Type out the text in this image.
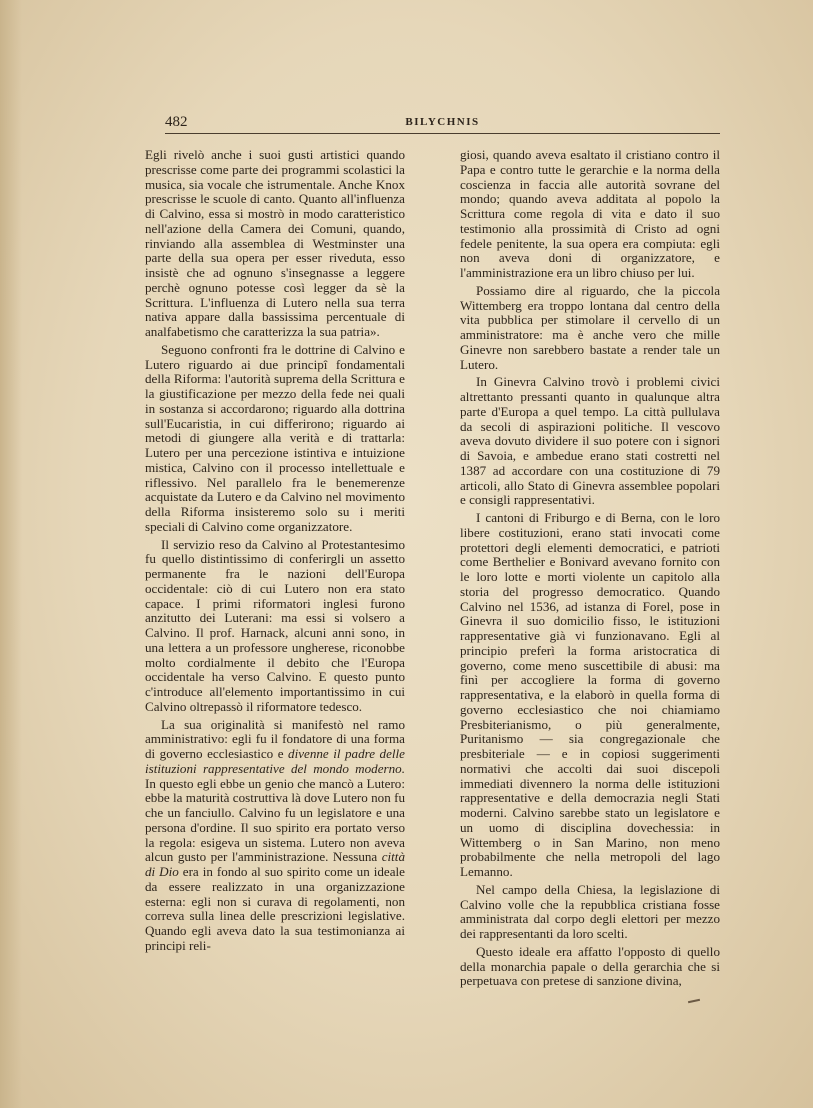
482	BILYCHNIS

Egli rivelò anche i suoi gusti artistici quando prescrisse come parte dei programmi scolastici la musica, sia vocale che istrumentale. Anche Knox prescrisse le scuole di canto. Quanto all'influenza di Calvino, essa si mostrò in modo caratteristico nell'azione della Camera dei Comuni, quando, rinviando alla assemblea di Westminster una parte della sua opera per esser riveduta, esso insistè che ad ognuno s'insegnasse a leggere perchè ognuno potesse così legger da sè la Scrittura. L'influenza di Lutero nella sua terra nativa appare dalla bassissima percentuale di analfabetismo che caratterizza la sua patria».

Seguono confronti fra le dottrine di Calvino e Lutero riguardo ai due principî fondamentali della Riforma: l'autorità suprema della Scrittura e la giustificazione per mezzo della fede nei quali in sostanza si accordarono; riguardo alla dottrina sull'Eucaristia, in cui differirono; riguardo ai metodi di giungere alla verità e di trattarla: Lutero per una percezione istintiva e intuizione mistica, Calvino con il processo intellettuale e riflessivo. Nel parallelo fra le benemerenze acquistate da Lutero e da Calvino nel movimento della Riforma insisteremo solo su i meriti speciali di Calvino come organizzatore.

Il servizio reso da Calvino al Protestantesimo fu quello distintissimo di conferirgli un assetto permanente fra le nazioni dell'Europa occidentale: ciò di cui Lutero non era stato capace. I primi riformatori inglesi furono anzitutto dei Luterani: ma essi si volsero a Calvino. Il prof. Harnack, alcuni anni sono, in una lettera a un professore ungherese, riconobbe molto cordialmente il debito che l'Europa occidentale ha verso Calvino. E questo punto c'introduce all'elemento importantissimo in cui Calvino oltrepassò il riformatore tedesco.

La sua originalità si manifestò nel ramo amministrativo: egli fu il fondatore di una forma di governo ecclesiastico e divenne il padre delle istituzioni rappresentative del mondo moderno. In questo egli ebbe un genio che mancò a Lutero: ebbe la maturità costruttiva là dove Lutero non fu che un fanciullo. Calvino fu un legislatore e una persona d'ordine. Il suo spirito era portato verso la regola: esigeva un sistema. Lutero non aveva alcun gusto per l'amministrazione. Nessuna città di Dio era in fondo al suo spirito come un ideale da essere realizzato in una organizzazione esterna: egli non si curava di regolamenti, non correva sulla linea delle prescrizioni legislative. Quando egli aveva dato la sua testimonianza ai principi reli-

giosi, quando aveva esaltato il cristiano contro il Papa e contro tutte le gerarchie e la norma della coscienza in faccia alle autorità sovrane del mondo; quando aveva additata al popolo la Scrittura come regola di vita e dato il suo testimonio alla prossimità di Cristo ad ogni fedele penitente, la sua opera era compiuta: egli non aveva doni di organizzatore, e l'amministrazione era un libro chiuso per lui.

Possiamo dire al riguardo, che la piccola Wittemberg era troppo lontana dal centro della vita pubblica per stimolare il cervello di un amministratore: ma è anche vero che mille Ginevre non sarebbero bastate a render tale un Lutero.

In Ginevra Calvino trovò i problemi civici altrettanto pressanti quanto in qualunque altra parte d'Europa a quel tempo. La città pullulava da secoli di aspirazioni politiche. Il vescovo aveva dovuto dividere il suo potere con i signori di Savoia, e ambedue erano stati costretti nel 1387 ad accordare con una costituzione di 79 articoli, allo Stato di Ginevra assemblee popolari e consigli rappresentativi.

I cantoni di Friburgo e di Berna, con le loro libere costituzioni, erano stati invocati come protettori degli elementi democratici, e patrioti come Berthelier e Bonivard avevano fornito con le loro lotte e morti violente un capitolo alla storia del progresso democratico. Quando Calvino nel 1536, ad istanza di Forel, pose in Ginevra il suo domicilio fisso, le istituzioni rappresentative già vi funzionavano. Egli al principio preferì la forma aristocratica di governo, come meno suscettibile di abusi: ma finì per accogliere la forma di governo rappresentativa, e la elaborò in quella forma di governo ecclesiastico che noi chiamiamo Presbiterianismo, o più generalmente, Puritanismo — sia congregazionale che presbiteriale — e in copiosi suggerimenti normativi che accolti dai suoi discepoli immediati divennero la norma delle istituzioni rappresentative e della democrazia negli Stati moderni. Calvino sarebbe stato un legislatore e un uomo di disciplina dovechessia: in Wittemberg o in San Marino, non meno probabilmente che nella metropoli del lago Lemanno.

Nel campo della Chiesa, la legislazione di Calvino volle che la repubblica cristiana fosse amministrata dal corpo degli elettori per mezzo dei rappresentanti da loro scelti.

Questo ideale era affatto l'opposto di quello della monarchia papale o della gerarchia che si perpetuava con pretese di sanzione divina,
